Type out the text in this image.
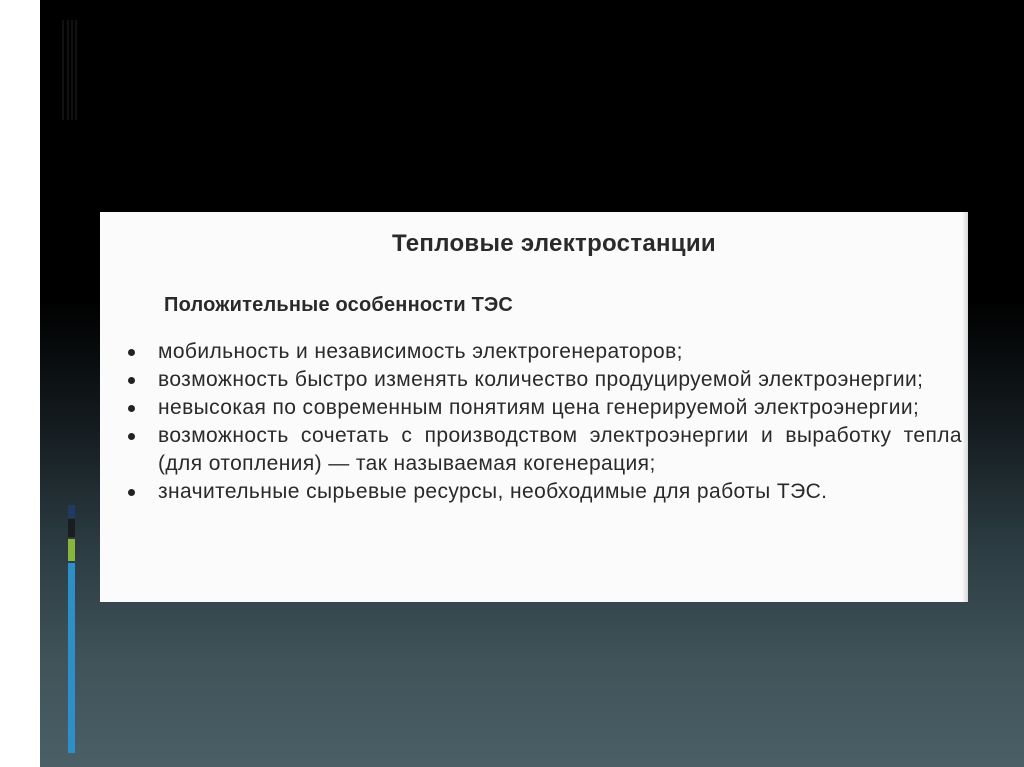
Тепловые электростанции
Положительные особенности ТЭС
мобильность и независимость электрогенераторов;
возможность быстро изменять количество продуцируемой электроэнергии;
невысокая по современным понятиям цена генерируемой электроэнергии;
возможность сочетать с производством электроэнергии и выработку тепла (для отопления) — так называемая когенерация;
значительные сырьевые ресурсы, необходимые для работы ТЭС.
